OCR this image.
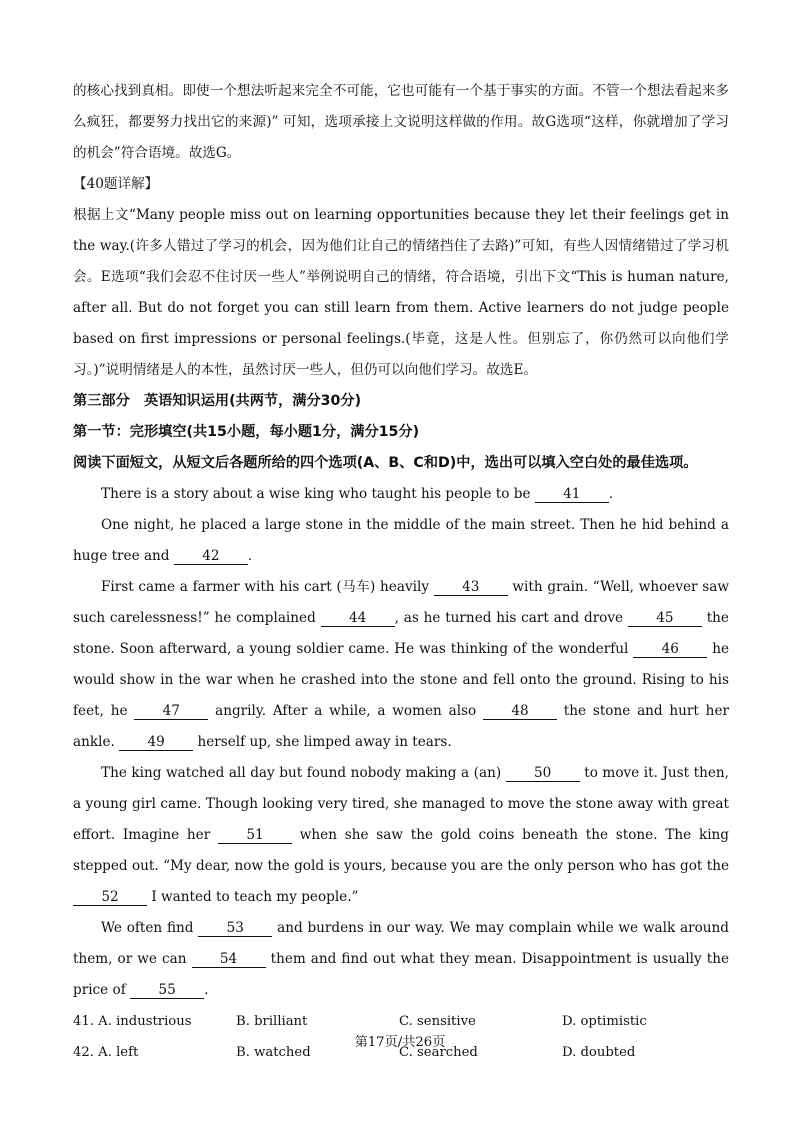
的核心找到真相。即使一个想法听起来完全不可能，它也可能有一个基于事实的方面。不管一个想法看起来多么疯狂，都要努力找出它的来源)” 可知，选项承接上文说明这样做的作用。故G选项“这样，你就增加了学习的机会”符合语境。故选G。

【40题详解】

根据上文“Many people miss out on learning opportunities because they let their feelings get in the way.(许多人错过了学习的机会，因为他们让自己的情绪挡住了去路)”可知，有些人因情绪错过了学习机会。E选项“我们会忍不住讨厌一些人”举例说明自己的情绪，符合语境，引出下文“This is human nature, after all. But do not forget you can still learn from them. Active learners do not judge people based on first impressions or personal feelings.(毕竟，这是人性。但别忘了，你仍然可以向他们学习。)”说明情绪是人的本性，虽然讨厌一些人，但仍可以向他们学习。故选E。

第三部分　英语知识运用(共两节，满分30分)

第一节：完形填空(共15小题，每小题1分，满分15分)

阅读下面短文，从短文后各题所给的四个选项(A、B、C和D)中，选出可以填入空白处的最佳选项。

There is a story about a wise king who taught his people to be 41 .

One night, he placed a large stone in the middle of the main street. Then he hid behind a huge tree and 42 .

First came a farmer with his cart (马车) heavily 43 with grain. “Well, whoever saw such carelessness!” he complained 44 , as he turned his cart and drove 45 the stone. Soon afterward, a young soldier came. He was thinking of the wonderful 46 he would show in the war when he crashed into the stone and fell onto the ground. Rising to his feet, he 47 angrily. After a while, a women also 48 the stone and hurt her ankle. 49 herself up, she limped away in tears.

The king watched all day but found nobody making a (an) 50 to move it. Just then, a young girl came. Though looking very tired, she managed to move the stone away with great effort. Imagine her 51 when she saw the gold coins beneath the stone. The king stepped out. “My dear, now the gold is yours, because you are the only person who has got the 52 I wanted to teach my people.”

We often find 53 and burdens in our way. We may complain while we walk around them, or we can 54 them and find out what they mean. Disappointment is usually the price of 55 .

41. A. industrious	B. brilliant	C. sensitive	D. optimistic
42. A. left	B. watched	C. searched	D. doubted
第17页/共26页
